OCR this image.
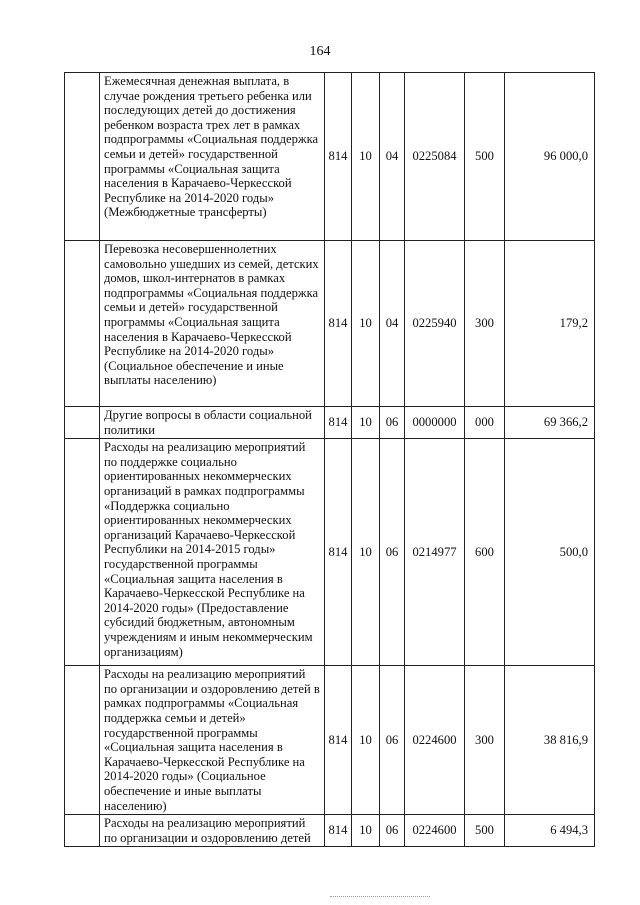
164
	Ежемесячная денежная выплата, в случае рождения третьего ребенка или последующих детей до достижения ребенком возраста трех лет в рамках подпрограммы «Социальная поддержка семьи и детей» государственной программы «Социальная защита населения в Карачаево-Черкесской Республике на 2014-2020 годы» (Межбюджетные трансферты)	814	10	04	0225084	500	96 000,0
	Перевозка несовершеннолетних самовольно ушедших из семей, детских домов, школ-интернатов в рамках подпрограммы «Социальная поддержка семьи и детей» государственной программы «Социальная защита населения в Карачаево-Черкесской Республике на 2014-2020 годы» (Социальное обеспечение и иные выплаты населению)	814	10	04	0225940	300	179,2
	Другие вопросы в области социальной политики	814	10	06	0000000	000	69 366,2
	Расходы на реализацию мероприятий по поддержке социально ориентированных некоммерческих организаций в рамках подпрограммы «Поддержка социально ориентированных некоммерческих организаций Карачаево-Черкесской Республики на 2014-2015 годы» государственной программы «Социальная защита населения в Карачаево-Черкесской Республике на 2014-2020 годы» (Предоставление субсидий бюджетным, автономным учреждениям и иным некоммерческим организациям)	814	10	06	0214977	600	500,0
	Расходы на реализацию мероприятий по организации и оздоровлению детей в рамках подпрограммы «Социальная поддержка семьи и детей» государственной программы «Социальная защита населения в Карачаево-Черкесской Республике на 2014-2020 годы» (Социальное обеспечение и иные выплаты населению)	814	10	06	0224600	300	38 816,9
	Расходы на реализацию мероприятий по организации и оздоровлению детей	814	10	06	0224600	500	6 494,3
